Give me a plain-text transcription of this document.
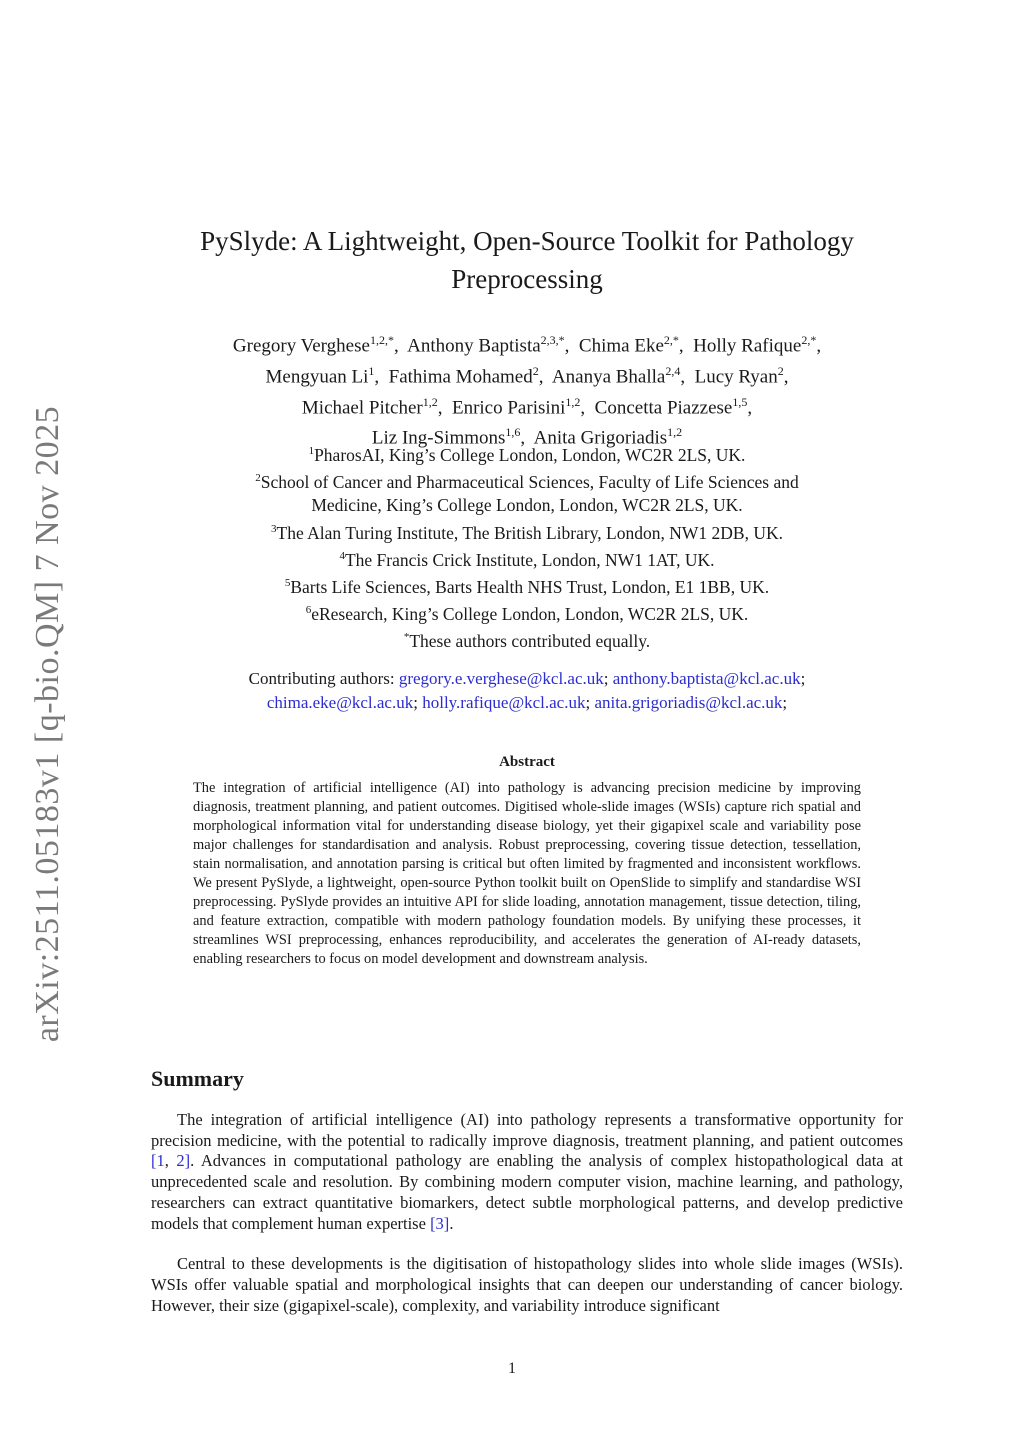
arXiv:2511.05183v1 [q-bio.QM] 7 Nov 2025
PySlyde: A Lightweight, Open-Source Toolkit for Pathology
Preprocessing
Gregory Verghese$^{1,2,*}$,  Anthony Baptista$^{2,3,*}$,  Chima Eke$^{2,*}$,  Holly Rafique$^{2,*}$,
Mengyuan Li$^1$,  Fathima Mohamed$^2$,  Ananya Bhalla$^{2,4}$,  Lucy Ryan$^2$,
Michael Pitcher$^{1,2}$,  Enrico Parisini$^{1,2}$,  Concetta Piazzese$^{1,5}$,
Liz Ing-Simmons$^{1,6}$,  Anita Grigoriadis$^{1,2}$
$^1$PharosAI, King’s College London, London, WC2R 2LS, UK.
$^2$School of Cancer and Pharmaceutical Sciences, Faculty of Life Sciences and
Medicine, King’s College London, London, WC2R 2LS, UK.
$^3$The Alan Turing Institute, The British Library, London, NW1 2DB, UK.
$^4$The Francis Crick Institute, London, NW1 1AT, UK.
$^5$Barts Life Sciences, Barts Health NHS Trust, London, E1 1BB, UK.
$^6$eResearch, King’s College London, London, WC2R 2LS, UK.
*These authors contributed equally.
Contributing authors: gregory.e.verghese@kcl.ac.uk; anthony.baptista@kcl.ac.uk;
chima.eke@kcl.ac.uk; holly.rafique@kcl.ac.uk; anita.grigoriadis@kcl.ac.uk;
Abstract
The integration of artificial intelligence (AI) into pathology is advancing precision medicine by improving diagnosis, treatment planning, and patient outcomes. Digitised whole-slide images (WSIs) capture rich spatial and morphological information vital for understanding disease biology, yet their gigapixel scale and variability pose major challenges for standardisation and analysis. Robust preprocessing, covering tissue detection, tessellation, stain normalisation, and annotation parsing is critical but often limited by fragmented and inconsistent workflows. We present PySlyde, a lightweight, open-source Python toolkit built on OpenSlide to simplify and standardise WSI preprocessing. PySlyde provides an intuitive API for slide loading, annotation management, tissue detection, tiling, and feature extraction, compatible with modern pathology foundation models. By unifying these processes, it streamlines WSI preprocessing, enhances reproducibility, and accelerates the generation of AI-ready datasets, enabling researchers to focus on model development and downstream analysis.
Summary

The integration of artificial intelligence (AI) into pathology represents a transformative opportunity for precision medicine, with the potential to radically improve diagnosis, treatment planning, and patient outcomes [1, 2]. Advances in computational pathology are enabling the analysis of complex histopathological data at unprecedented scale and resolution. By combining modern computer vision, machine learning, and pathology, researchers can extract quantitative biomarkers, detect subtle morphological patterns, and develop predictive models that complement human expertise [3].

Central to these developments is the digitisation of histopathology slides into whole slide images (WSIs). WSIs offer valuable spatial and morphological insights that can deepen our understanding of cancer biology. However, their size (gigapixel-scale), complexity, and variability introduce significant

1
